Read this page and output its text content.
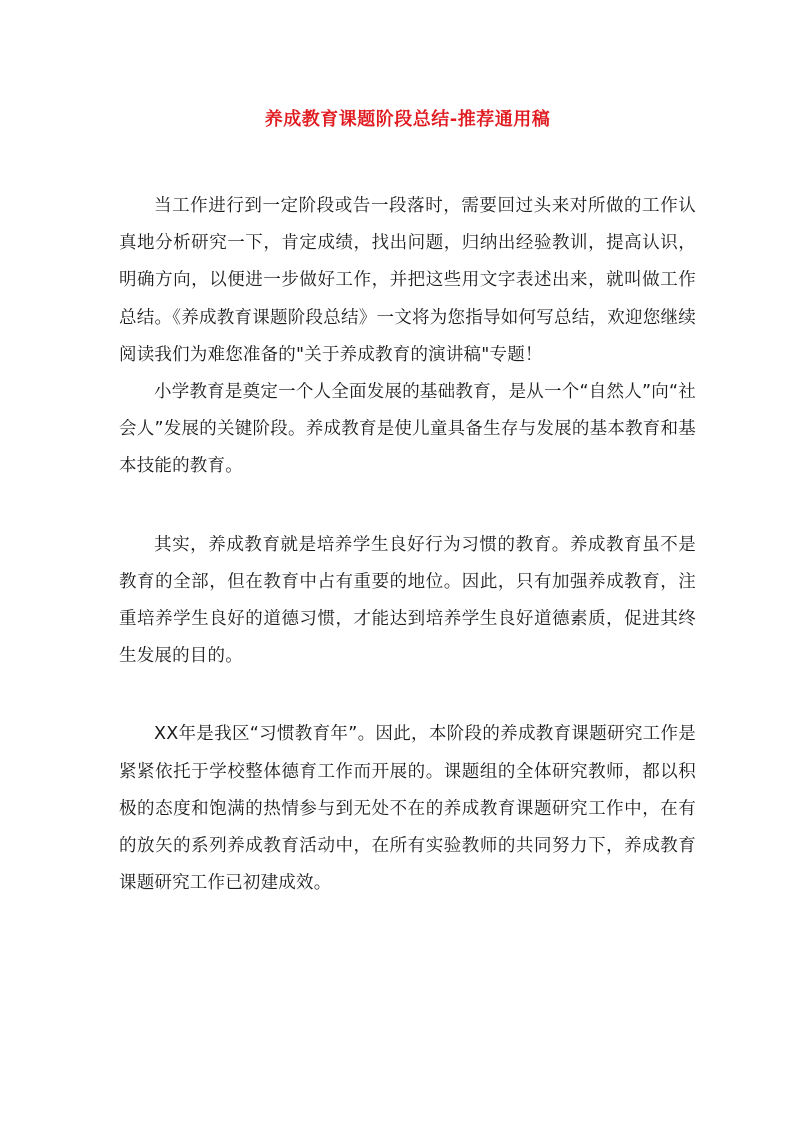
养成教育课题阶段总结-推荐通用稿

当工作进行到一定阶段或告一段落时，需要回过头来对所做的工作认真地分析研究一下，肯定成绩，找出问题，归纳出经验教训，提高认识，明确方向，以便进一步做好工作，并把这些用文字表述出来，就叫做工作总结。《养成教育课题阶段总结》一文将为您指导如何写总结，欢迎您继续阅读我们为难您准备的"关于养成教育的演讲稿"专题！

小学教育是奠定一个人全面发展的基础教育，是从一个“自然人”向“社会人”发展的关键阶段。养成教育是使儿童具备生存与发展的基本教育和基本技能的教育。

其实，养成教育就是培养学生良好行为习惯的教育。养成教育虽不是教育的全部，但在教育中占有重要的地位。因此，只有加强养成教育，注重培养学生良好的道德习惯，才能达到培养学生良好道德素质，促进其终生发展的目的。

XX年是我区“习惯教育年”。因此，本阶段的养成教育课题研究工作是紧紧依托于学校整体德育工作而开展的。课题组的全体研究教师，都以积极的态度和饱满的热情参与到无处不在的养成教育课题研究工作中，在有的放矢的系列养成教育活动中，在所有实验教师的共同努力下，养成教育课题研究工作已初建成效。
